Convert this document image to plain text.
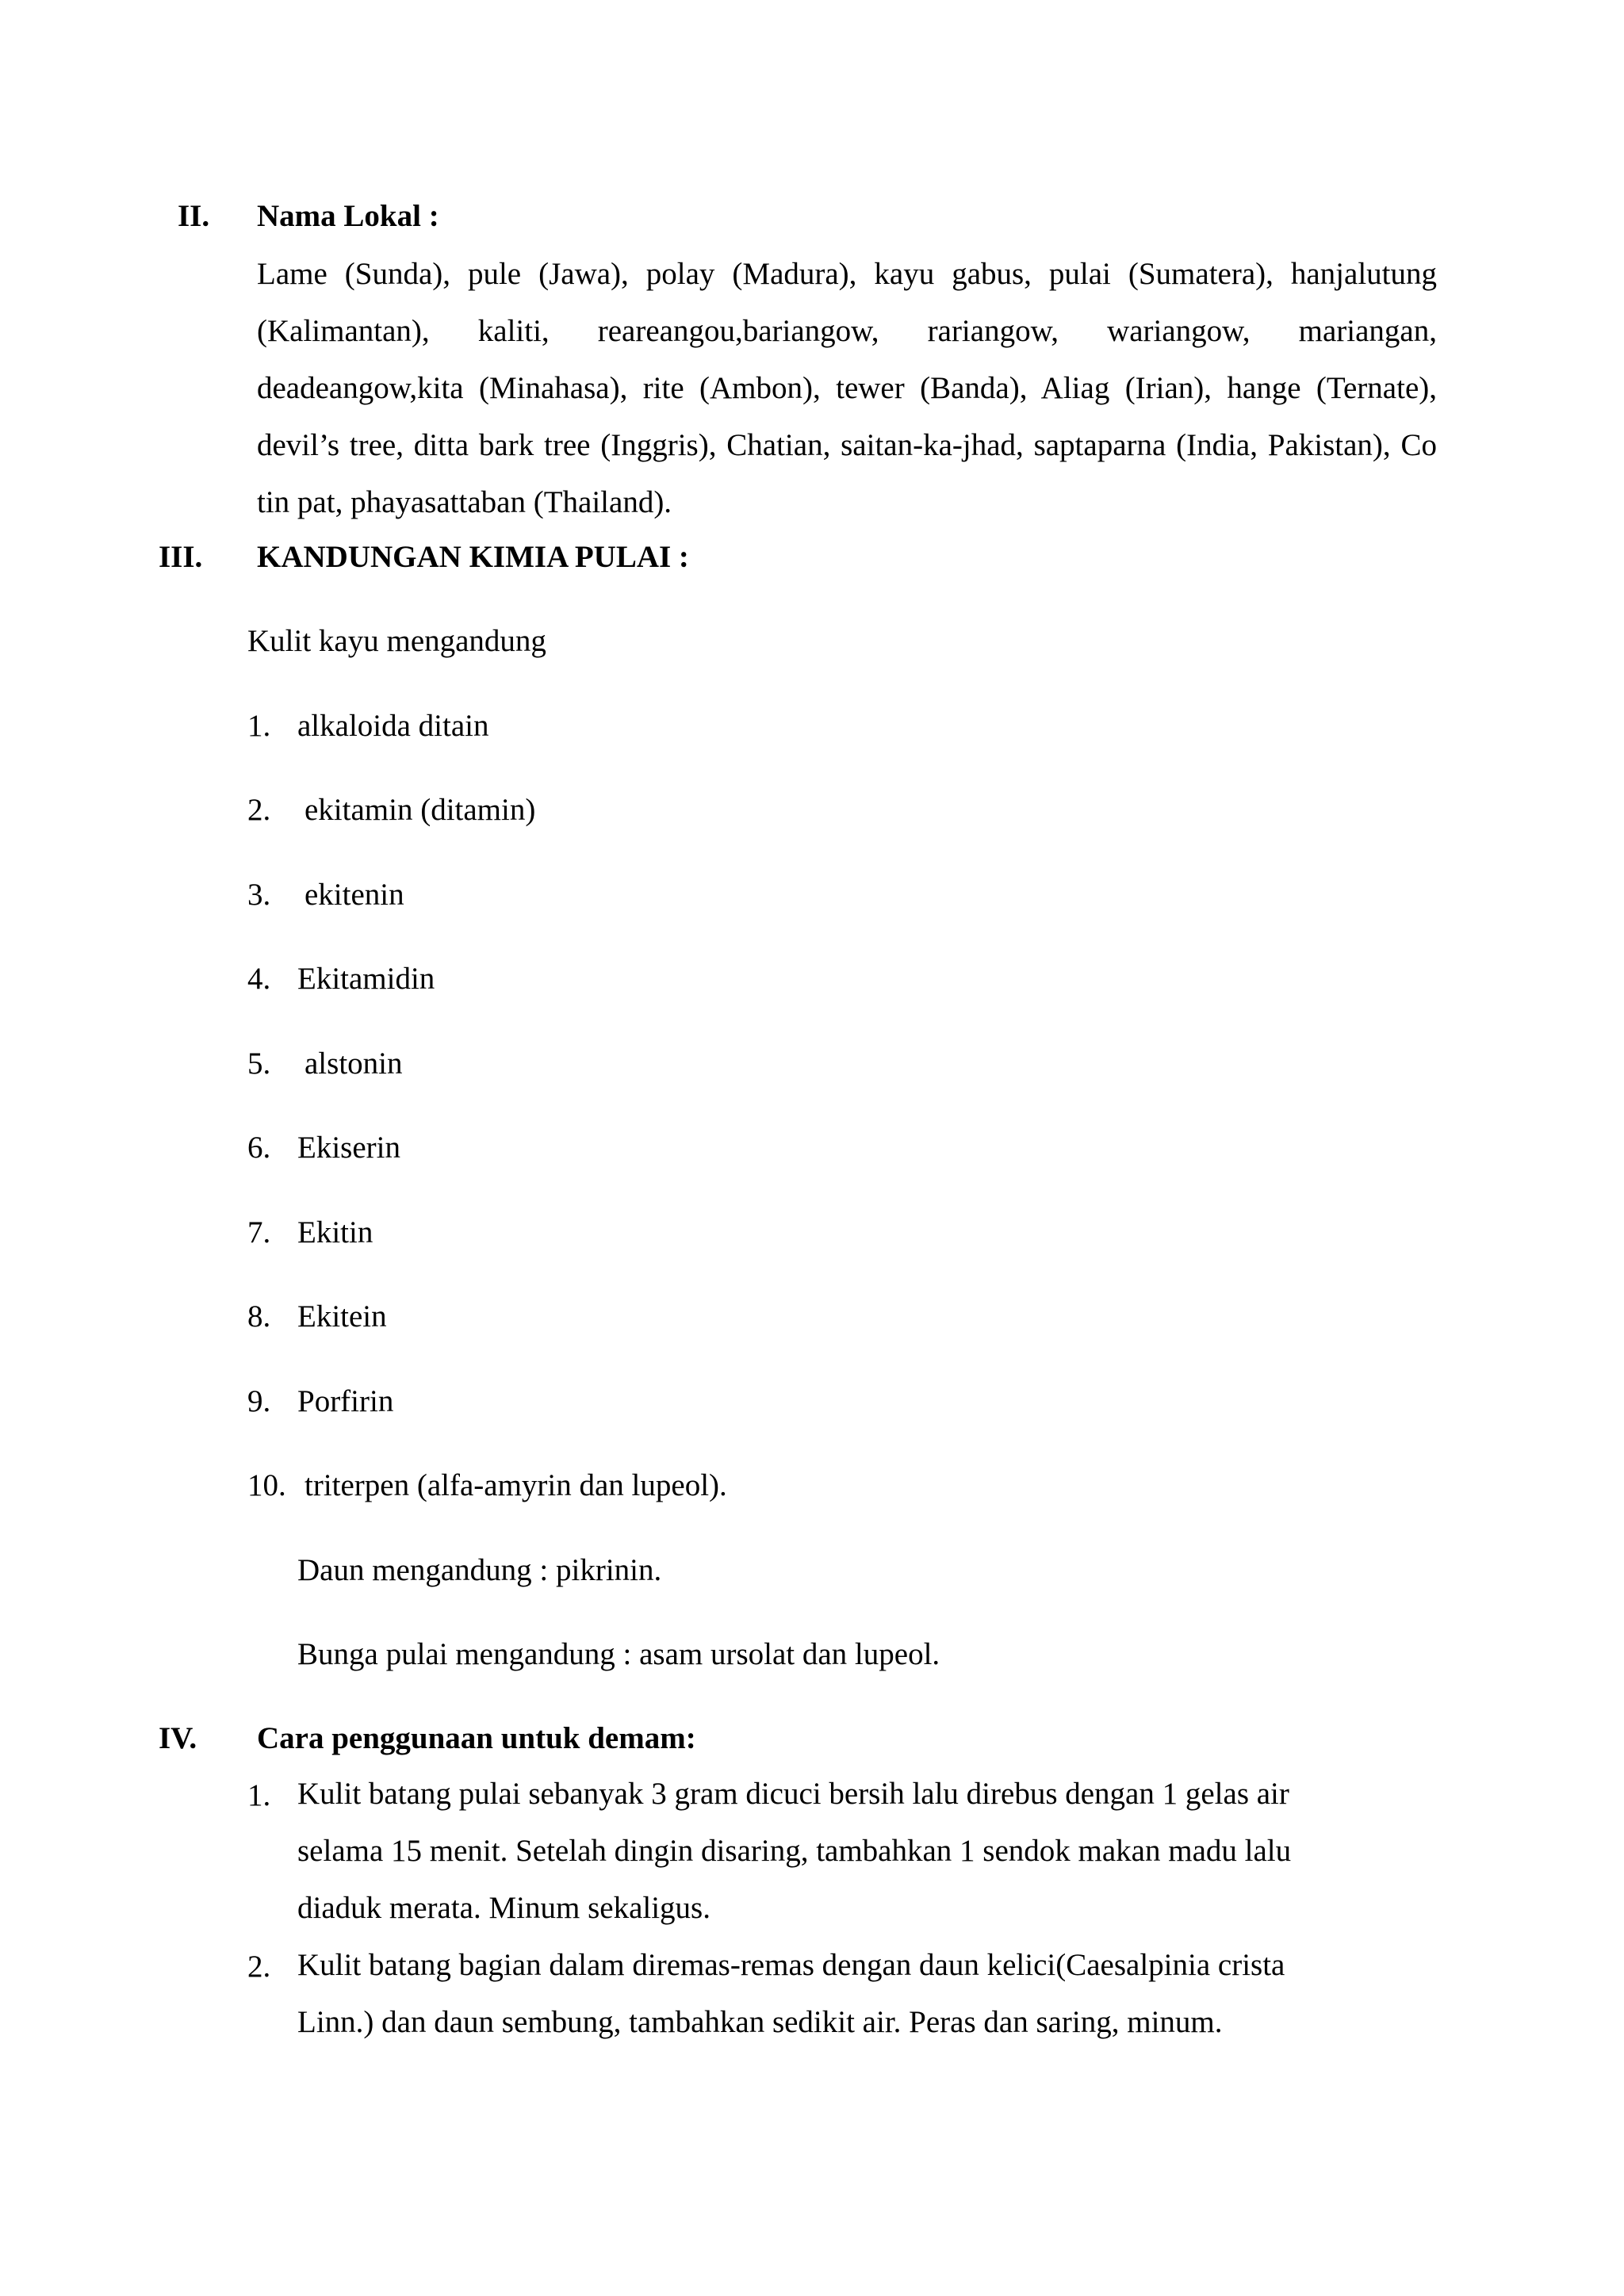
II. Nama Lokal :
Lame (Sunda), pule (Jawa), polay (Madura), kayu gabus, pulai (Sumatera), hanjalutung (Kalimantan), kaliti, reareangou,bariangow, rariangow, wariangow, mariangan, deadeangow,kita (Minahasa), rite (Ambon), tewer (Banda), Aliag (Irian), hange (Ternate), devil’s tree, ditta bark tree (Inggris), Chatian, saitan-ka-jhad, saptaparna (India, Pakistan), Co tin pat, phayasattaban (Thailand).
III. KANDUNGAN KIMIA PULAI :
Kulit kayu mengandung
1. alkaloida ditain
2. ekitamin (ditamin)
3. ekitenin
4. Ekitamidin
5. alstonin
6. Ekiserin
7. Ekitin
8. Ekitein
9. Porfirin
10. triterpen (alfa-amyrin dan lupeol).
Daun mengandung : pikrinin.
Bunga pulai mengandung : asam ursolat dan lupeol.
IV. Cara penggunaan untuk demam:
1. Kulit batang pulai sebanyak 3 gram dicuci bersih lalu direbus dengan 1 gelas air selama 15 menit. Setelah dingin disaring, tambahkan 1 sendok makan madu lalu diaduk merata. Minum sekaligus.
2. Kulit batang bagian dalam diremas-remas dengan daun kelici(Caesalpinia crista Linn.) dan daun sembung, tambahkan sedikit air. Peras dan saring, minum.
